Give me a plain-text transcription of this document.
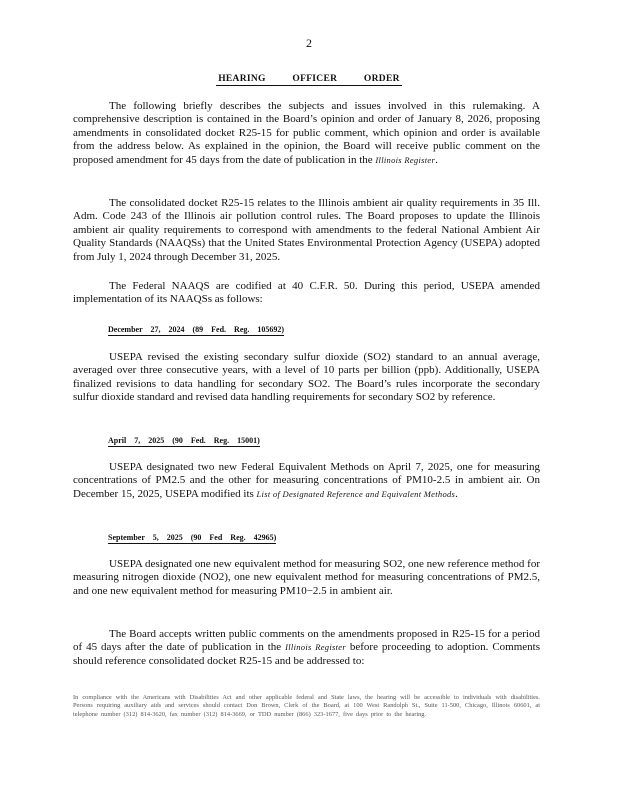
2
HEARING OFFICER ORDER
The following briefly describes the subjects and issues involved in this rulemaking. A comprehensive description is contained in the Board’s opinion and order of January 8, 2026, proposing amendments in consolidated docket R25-15 for public comment, which opinion and order is available from the address below. As explained in the opinion, the Board will receive public comment on the proposed amendment for 45 days from the date of publication in the Illinois Register.
The consolidated docket R25-15 relates to the Illinois ambient air quality requirements in 35 Ill. Adm. Code 243 of the Illinois air pollution control rules. The Board proposes to update the Illinois ambient air quality requirements to correspond with amendments to the federal National Ambient Air Quality Standards (NAAQSs) that the United States Environmental Protection Agency (USEPA) adopted from July 1, 2024 through December 31, 2025.
The Federal NAAQS are codified at 40 C.F.R. 50. During this period, USEPA amended implementation of its NAAQSs as follows:
December 27, 2024 (89 Fed. Reg. 105692)
USEPA revised the existing secondary sulfur dioxide (SO2) standard to an annual average, averaged over three consecutive years, with a level of 10 parts per billion (ppb). Additionally, USEPA finalized revisions to data handling for secondary SO2. The Board’s rules incorporate the secondary sulfur dioxide standard and revised data handling requirements for secondary SO2 by reference.
April 7, 2025 (90 Fed. Reg. 15001)
USEPA designated two new Federal Equivalent Methods on April 7, 2025, one for measuring concentrations of PM2.5 and the other for measuring concentrations of PM10-2.5 in ambient air. On December 15, 2025, USEPA modified its List of Designated Reference and Equivalent Methods.
September 5, 2025 (90 Fed Reg. 42965)
USEPA designated one new equivalent method for measuring SO2, one new reference method for measuring nitrogen dioxide (NO2), one new equivalent method for measuring concentrations of PM2.5, and one new equivalent method for measuring PM10−2.5 in ambient air.
The Board accepts written public comments on the amendments proposed in R25-15 for a period of 45 days after the date of publication in the Illinois Register before proceeding to adoption. Comments should reference consolidated docket R25-15 and be addressed to:
In compliance with the Americans with Disabilities Act and other applicable federal and State laws, the hearing will be accessible to individuals with disabilities. Persons requiring auxiliary aids and services should contact Don Brown, Clerk of the Board, at 100 West Randolph St., Suite 11-500, Chicago, Illinois 60601, at telephone number (312) 814-3620, fax number (312) 814-3669, or TDD number (866) 323-1677, five days prior to the hearing.
